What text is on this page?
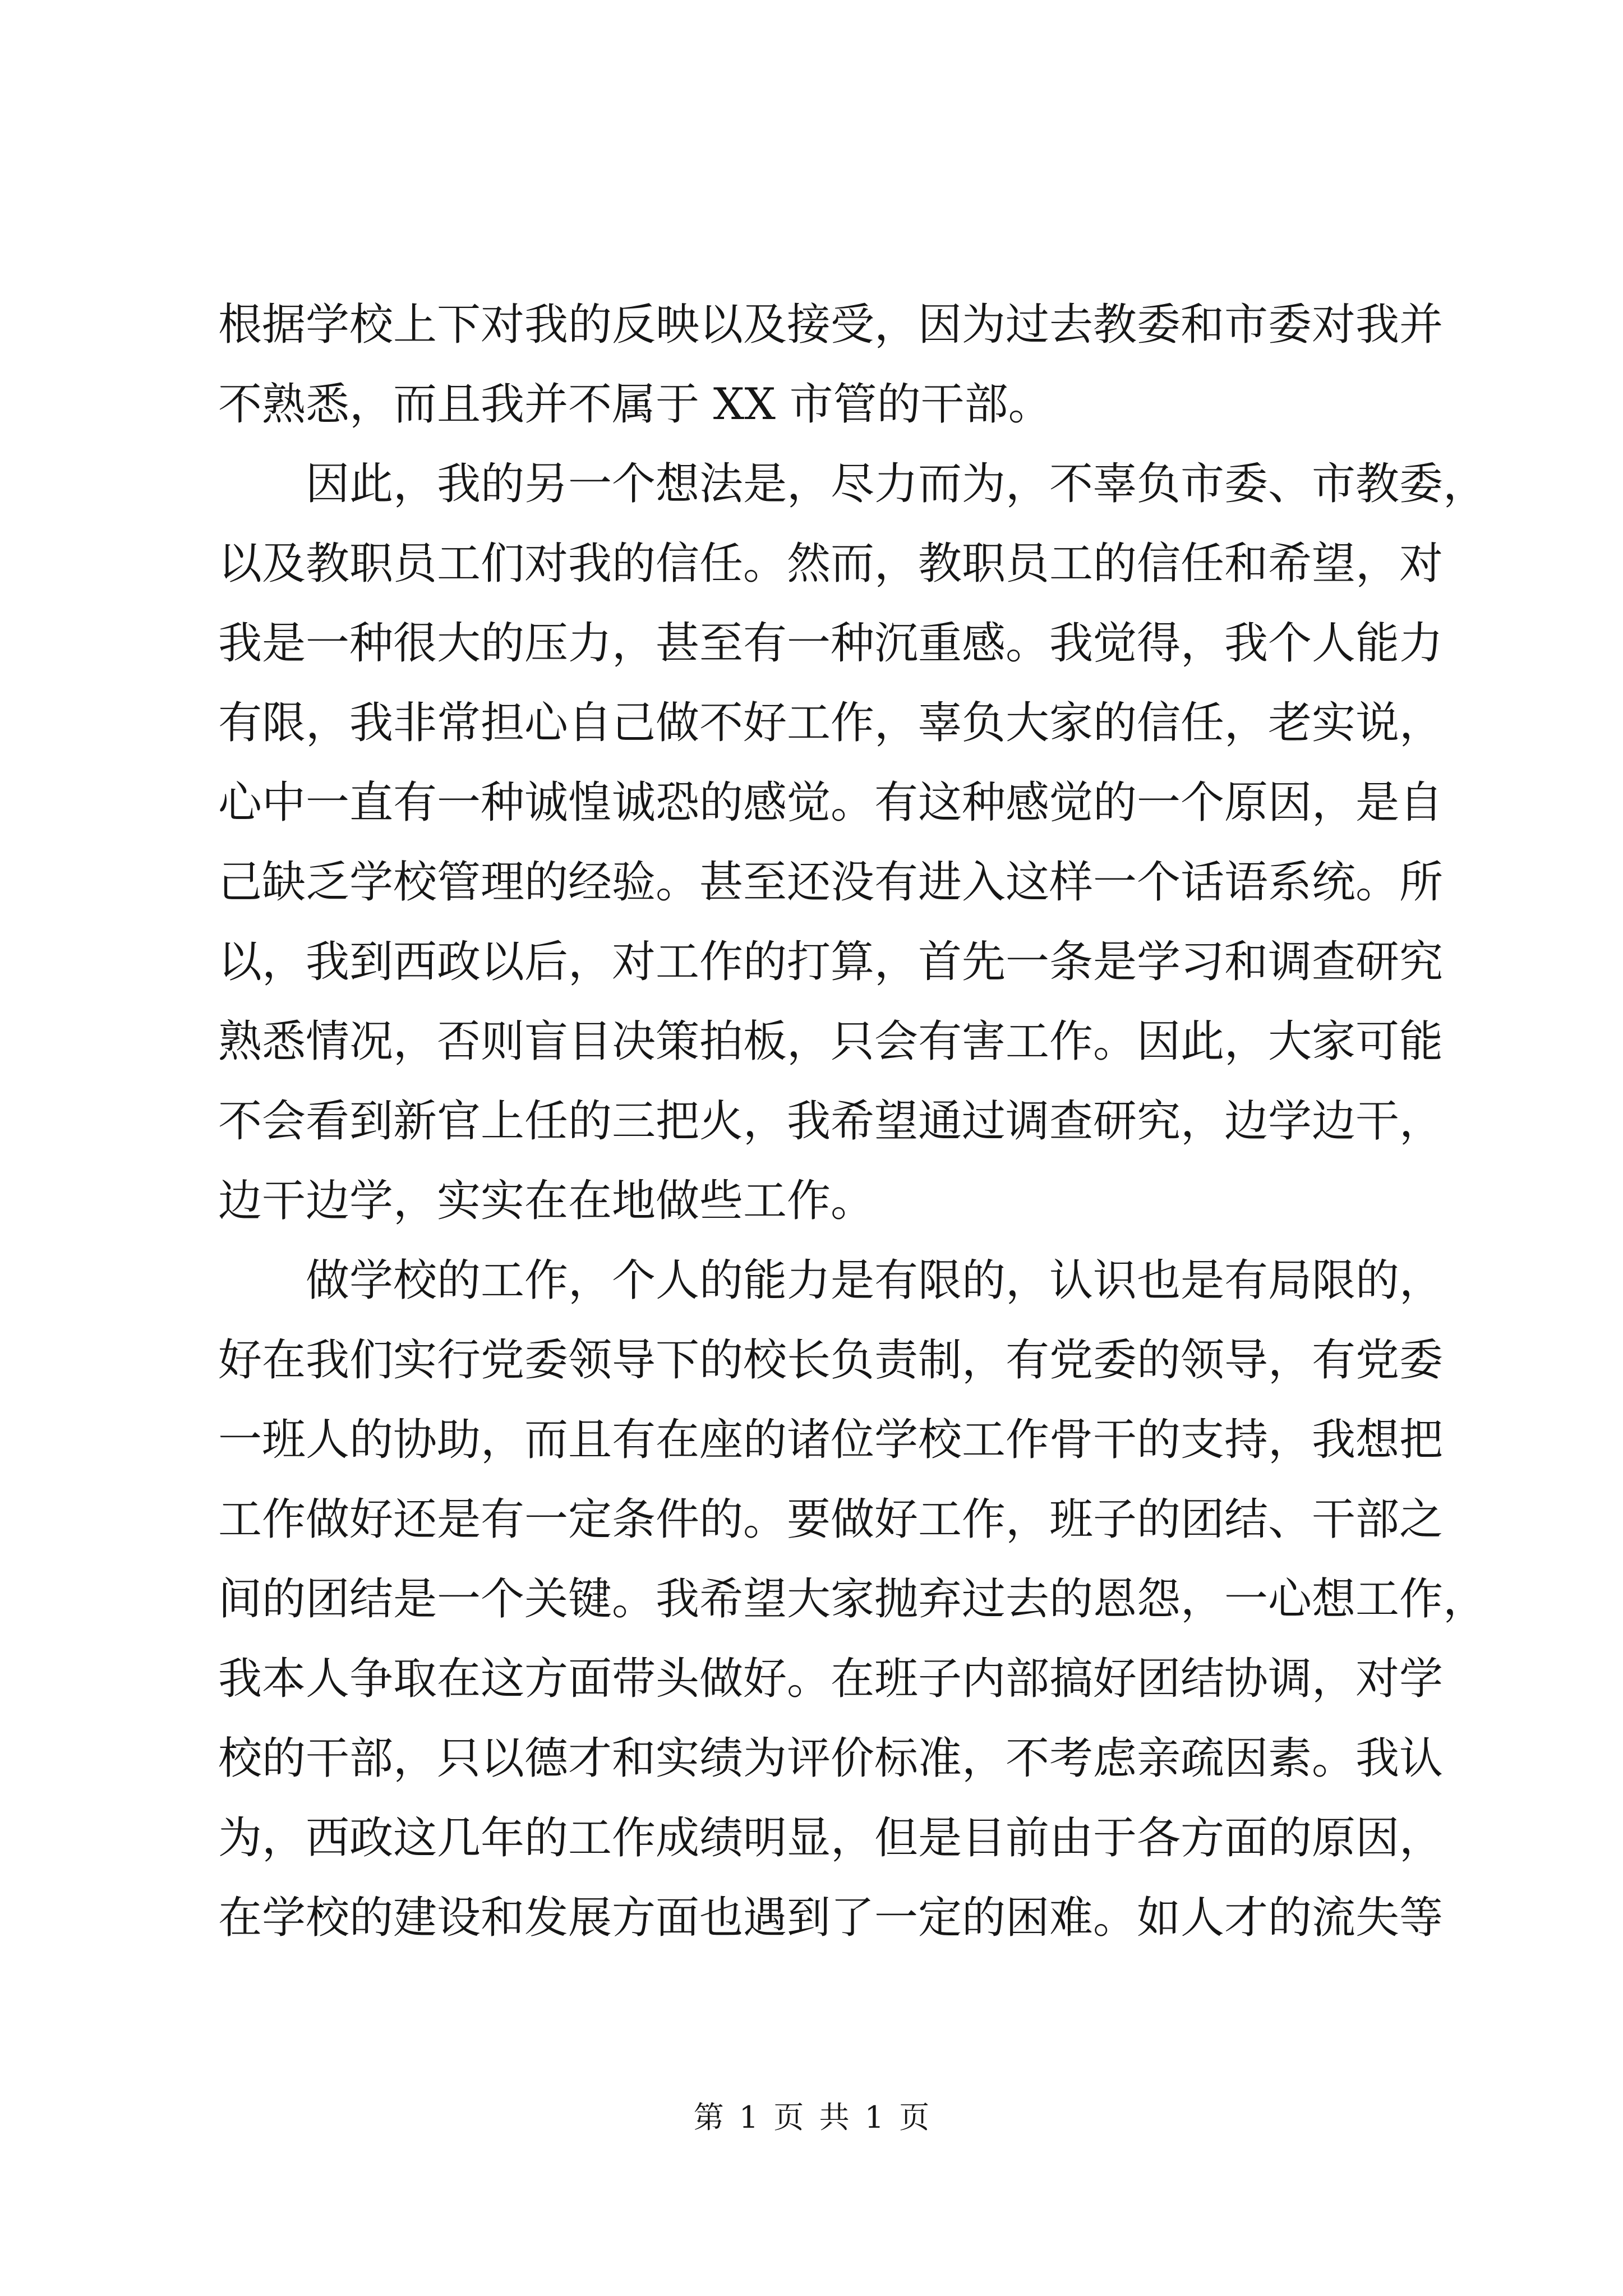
根据学校上下对我的反映以及接受，因为过去教委和市委对我并
不熟悉，而且我并不属于 XX 市管的干部。
因此，我的另一个想法是，尽力而为，不辜负市委、市教委，
以及教职员工们对我的信任。然而，教职员工的信任和希望，对
我是一种很大的压力，甚至有一种沉重感。我觉得，我个人能力
有限，我非常担心自己做不好工作，辜负大家的信任，老实说，
心中一直有一种诚惶诚恐的感觉。有这种感觉的一个原因，是自
己缺乏学校管理的经验。甚至还没有进入这样一个话语系统。所
以，我到西政以后，对工作的打算，首先一条是学习和调查研究
熟悉情况，否则盲目决策拍板，只会有害工作。因此，大家可能
不会看到新官上任的三把火，我希望通过调查研究，边学边干，
边干边学，实实在在地做些工作。
做学校的工作，个人的能力是有限的，认识也是有局限的，
好在我们实行党委领导下的校长负责制，有党委的领导，有党委
一班人的协助，而且有在座的诸位学校工作骨干的支持，我想把
工作做好还是有一定条件的。要做好工作，班子的团结、干部之
间的团结是一个关键。我希望大家抛弃过去的恩怨，一心想工作，
我本人争取在这方面带头做好。在班子内部搞好团结协调，对学
校的干部，只以德才和实绩为评价标准，不考虑亲疏因素。我认
为，西政这几年的工作成绩明显，但是目前由于各方面的原因，
在学校的建设和发展方面也遇到了一定的困难。如人才的流失等
第 1 页 共 1 页
